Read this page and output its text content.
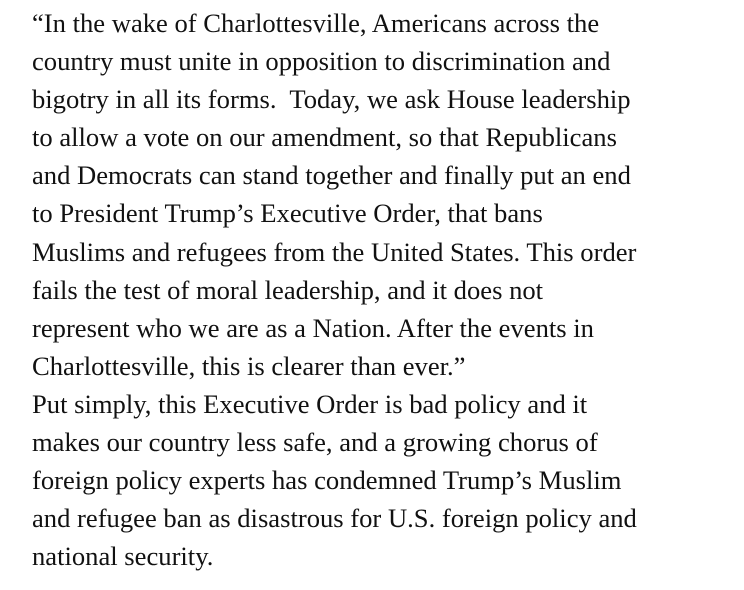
“In the wake of Charlottesville, Americans across the
country must unite in opposition to discrimination and
bigotry in all its forms.  Today, we ask House leadership
to allow a vote on our amendment, so that Republicans
and Democrats can stand together and finally put an end
to President Trump’s Executive Order, that bans
Muslims and refugees from the United States. This order
fails the test of moral leadership, and it does not
represent who we are as a Nation. After the events in
Charlottesville, this is clearer than ever.”
Put simply, this Executive Order is bad policy and it
makes our country less safe, and a growing chorus of
foreign policy experts has condemned Trump’s Muslim
and refugee ban as disastrous for U.S. foreign policy and
national security.
